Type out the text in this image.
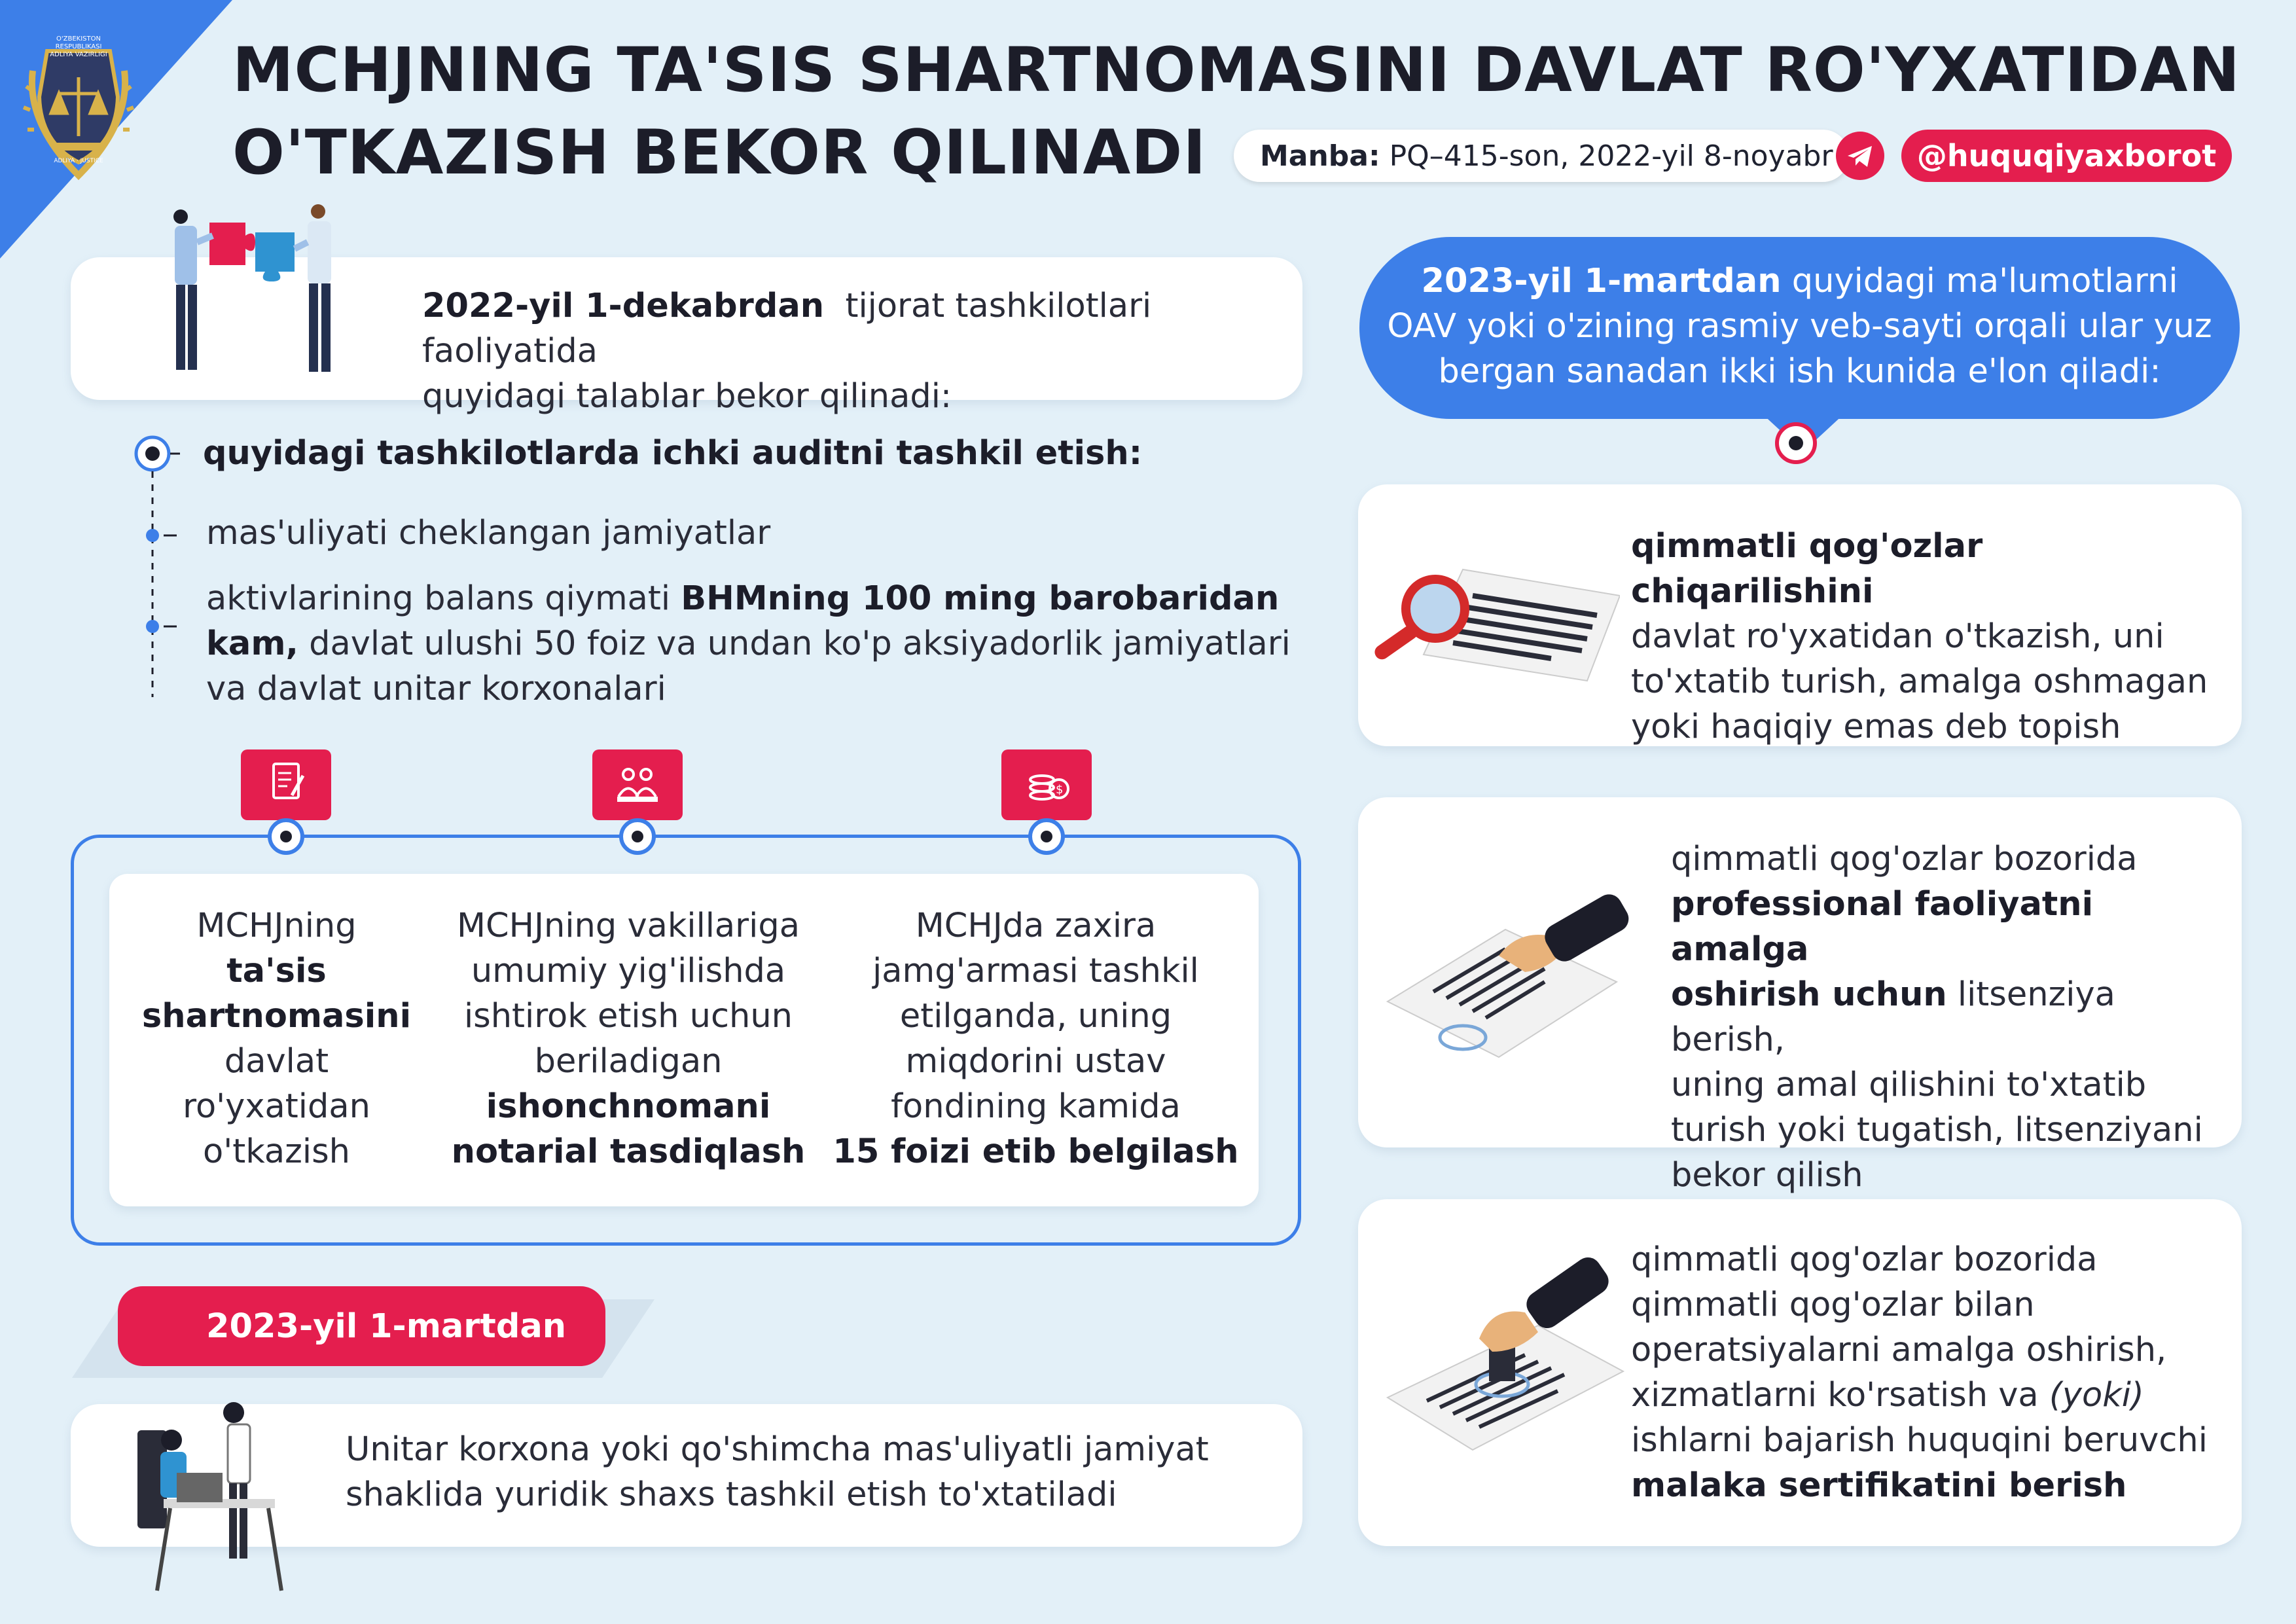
O'ZBEKISTON RESPUBLIKASI
ADLIYA VAZIRLIGI
ADLIYA · JUSTICE
MCHJNING TA'SIS SHARTNOMASINI DAVLAT RO'YXATIDAN
O'TKAZISH BEKOR QILINADI	Manba: PQ–415-son, 2022-yil 8-noyabr	@huquqiyaxborot
2022-yil 1-dekabrdan tijorat tashkilotlari faoliyatida
quyidagi talablar bekor qilinadi:
quyidagi tashkilotlarda ichki auditni tashkil etish:
mas'uliyati cheklangan jamiyatlar
aktivlarining balans qiymati BHMning 100 ming barobaridan
kam, davlat ulushi 50 foiz va undan ko'p aksiyadorlik jamiyatlari
va davlat unitar korxonalari
$
MCHJning
ta'sis
shartnomasini
davlat
ro'yxatidan
o'tkazish
MCHJning vakillariga
umumiy yig'ilishda
ishtirok etish uchun
beriladigan
ishonchnomani
notarial tasdiqlash
MCHJda zaxira
jamg'armasi tashkil
etilganda, uning
miqdorini ustav
fondining kamida
15 foizi etib belgilash
2023-yil 1-martdan
Unitar korxona yoki qo'shimcha mas'uliyatli jamiyat
shaklida yuridik shaxs tashkil etish to'xtatiladi
2023-yil 1-martdan quyidagi ma'lumotlarni
OAV yoki o'zining rasmiy veb-sayti orqali ular yuz
bergan sanadan ikki ish kunida e'lon qiladi:
qimmatli qog'ozlar chiqarilishini
davlat ro'yxatidan o'tkazish, uni
to'xtatib turish, amalga oshmagan
yoki haqiqiy emas deb topish
qimmatli qog'ozlar bozorida
professional faoliyatni amalga
oshirish uchun litsenziya berish,
uning amal qilishini to'xtatib
turish yoki tugatish, litsenziyani
bekor qilish
qimmatli qog'ozlar bozorida
qimmatli qog'ozlar bilan
operatsiyalarni amalga oshirish,
xizmatlarni ko'rsatish va (yoki)
ishlarni bajarish huquqini beruvchi
malaka sertifikatini berish
